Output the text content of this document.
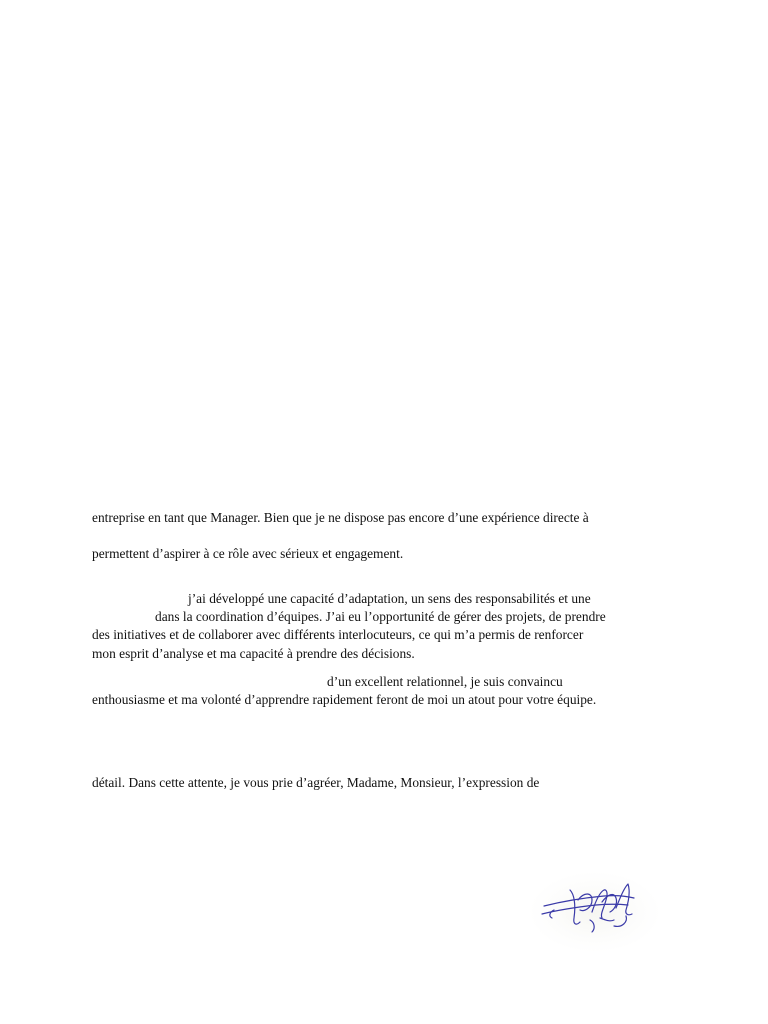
entreprise en tant que Manager. Bien que je ne dispose pas encore d’une expérience directe à
permettent d’aspirer à ce rôle avec sérieux et engagement.
j’ai développé une capacité d’adaptation, un sens des responsabilités et une
dans la coordination d’équipes. J’ai eu l’opportunité de gérer des projets, de prendre
des initiatives et de collaborer avec différents interlocuteurs, ce qui m’a permis de renforcer
mon esprit d’analyse et ma capacité à prendre des décisions.
d’un excellent relationnel, je suis convaincu
enthousiasme et ma volonté d’apprendre rapidement feront de moi un atout pour votre équipe.
détail. Dans cette attente, je vous prie d’agréer, Madame, Monsieur, l’expression de
